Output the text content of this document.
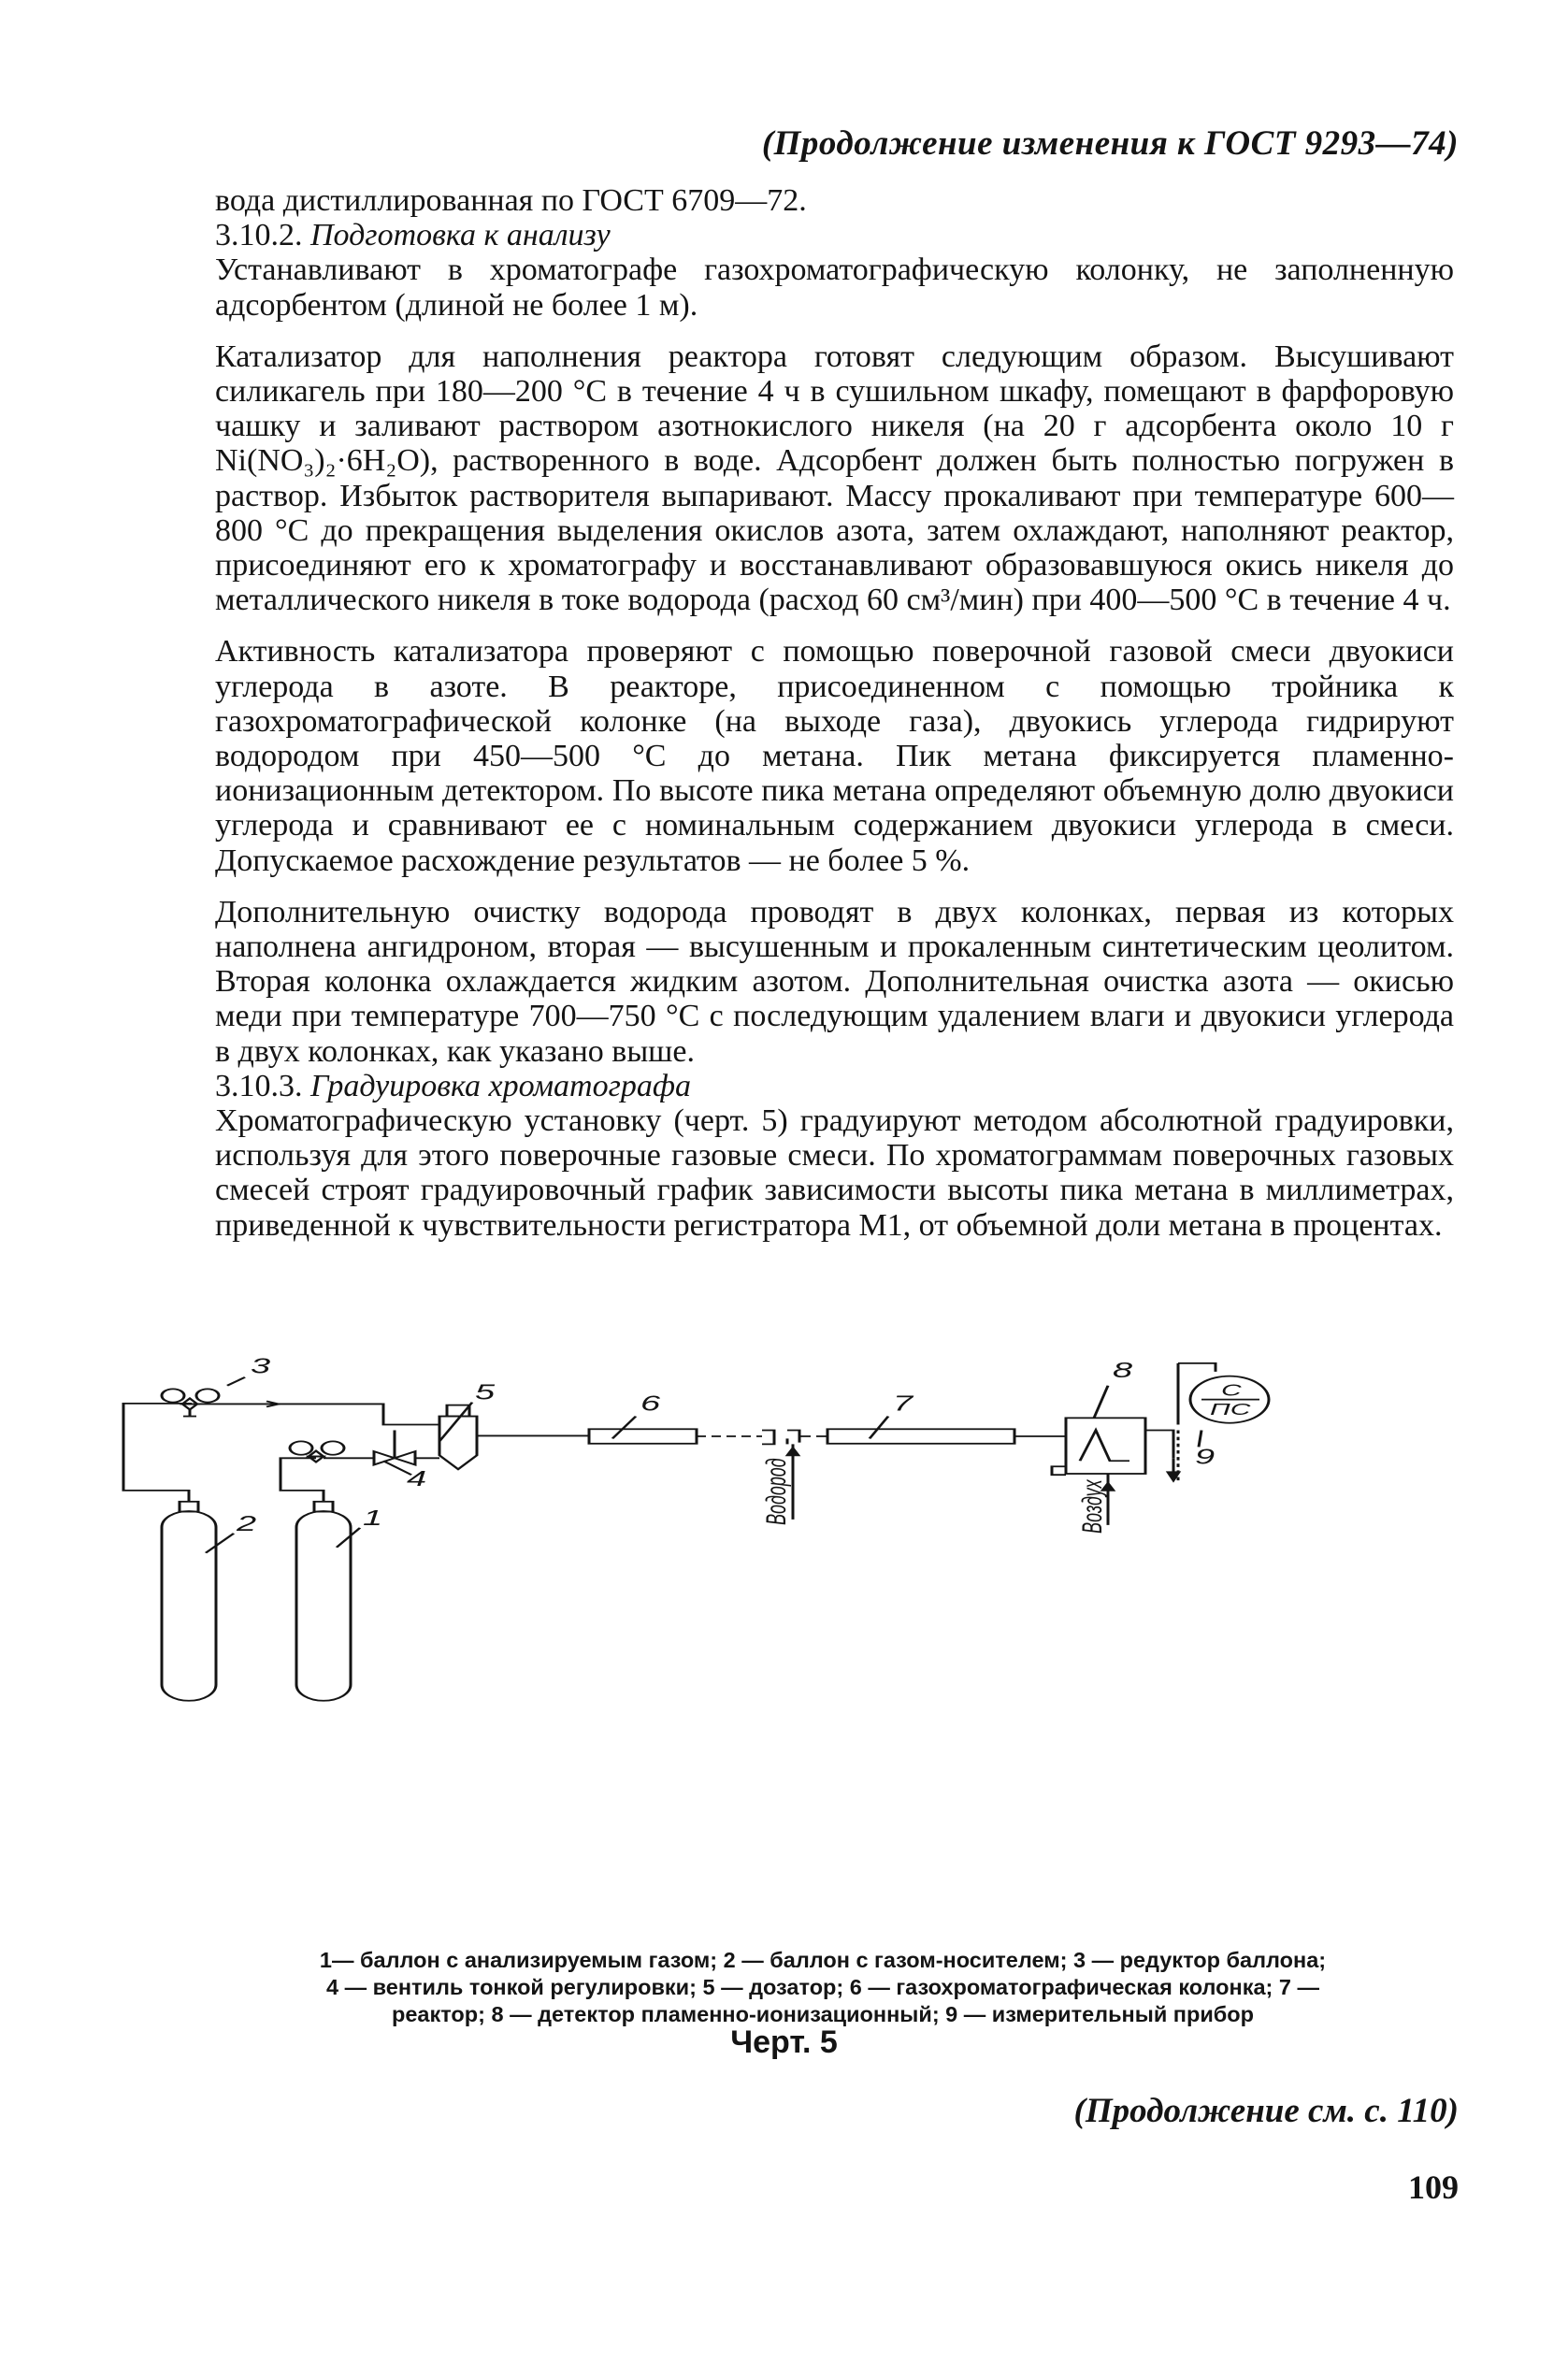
(Продолжение изменения к ГОСТ 9293—74)

вода дистиллированная по ГОСТ 6709—72.

3.10.2. Подготовка к анализу

Устанавливают в хроматографе газохроматографическую колонку, не заполненную адсорбентом (длиной не более 1 м).

Катализатор для наполнения реактора готовят следующим образом. Высушивают силикагель при 180—200 °С в течение 4 ч в сушильном шкафу, помещают в фарфоровую чашку и заливают раствором азотнокислого никеля (на 20 г адсорбента около 10 г Ni(NO₃)₂·6H₂O), растворенного в воде. Адсорбент должен быть полностью погружен в раствор. Избыток растворителя выпаривают. Массу прокаливают при температуре 600—800 °С до прекращения выделения окислов азота, затем охлаждают, наполняют реактор, присоединяют его к хроматографу и восстанавливают образовавшуюся окись никеля до металлического никеля в токе водорода (расход 60 см³/мин) при 400—500 °С в течение 4 ч.

Активность катализатора проверяют с помощью поверочной газовой смеси двуокиси углерода в азоте. В реакторе, присоединенном с помощью тройника к газохроматографической колонке (на выходе газа), двуокись углерода гидрируют водородом при 450—500 °С до метана. Пик метана фиксируется пламенно-ионизационным детектором. По высоте пика метана определяют объемную долю двуокиси углерода и сравнивают ее с номинальным содержанием двуокиси углерода в смеси. Допускаемое расхождение результатов — не более 5 %.

Дополнительную очистку водорода проводят в двух колонках, первая из которых наполнена ангидроном, вторая — высушенным и прокаленным синтетическим цеолитом. Вторая колонка охлаждается жидким азотом. Дополнительная очистка азота — окисью меди при температуре 700—750 °С с последующим удалением влаги и двуокиси углерода в двух колонках, как указано выше.

3.10.3. Градуировка хроматографа

Хроматографическую установку (черт. 5) градуируют методом абсолютной градуировки, используя для этого поверочные газовые смеси. По хроматограммам поверочных газовых смесей строят градуировочный график зависимости высоты пика метана в миллиметрах, приведенной к чувствительности регистратора М1, от объемной доли метана в процентах.

3
5	6	7
8
4
9
2	1
С
ПС
Водород	Воздух
1— баллон с анализируемым газом; 2 — баллон с газом-носителем; 3 — редуктор баллона;
4 — вентиль тонкой регулировки; 5 — дозатор; 6 — газохроматографическая колонка; 7 —
реактор; 8 — детектор пламенно-ионизационный; 9 — измерительный прибор
Черт. 5
(Продолжение см. с. 110)
109
